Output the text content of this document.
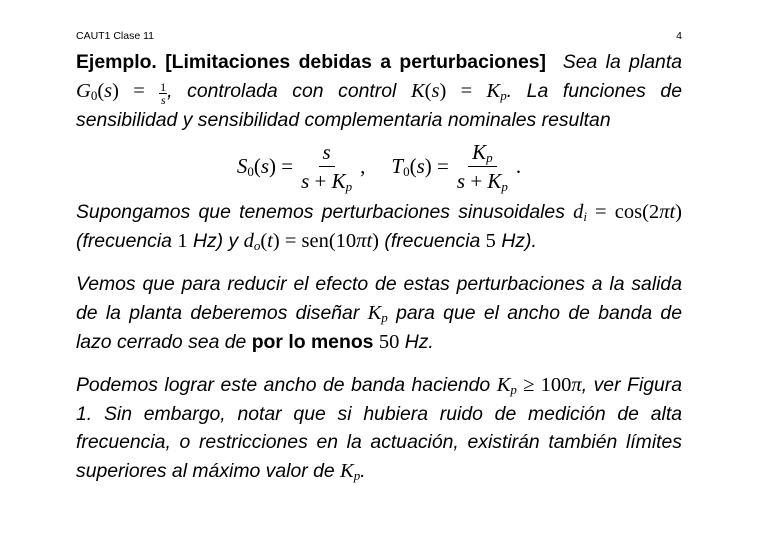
CAUT1 Clase 11	4

Ejemplo. [Limitaciones debidas a perturbaciones] Sea la planta $G_0(s) = \frac{1}{s}$ , controlada con control $K(s) = K_p$. La funciones de sensibilidad y sensibilidad complementaria nominales resultan

$S_0(s) = \frac{s}{s + K_p}$ , $T_0(s) = \frac{K_p}{s + K_p}$ .

Supongamos que tenemos perturbaciones sinusoidales $d_i = \cos(2\pi t)$ (frecuencia 1 Hz) y $d_o(t) = sen(10\pi t)$ (frecuencia 5 Hz).

Vemos que para reducir el efecto de estas perturbaciones a la salida de la planta deberemos diseñar $K_p$ para que el ancho de banda de lazo cerrado sea de por lo menos 50 Hz.

Podemos lograr este ancho de banda haciendo $K_p \ge 100\pi$, ver Figura 1. Sin embargo, notar que si hubiera ruido de medición de alta frecuencia, o restricciones en la actuación, existirán también límites superiores al máximo valor de $K_p$.
